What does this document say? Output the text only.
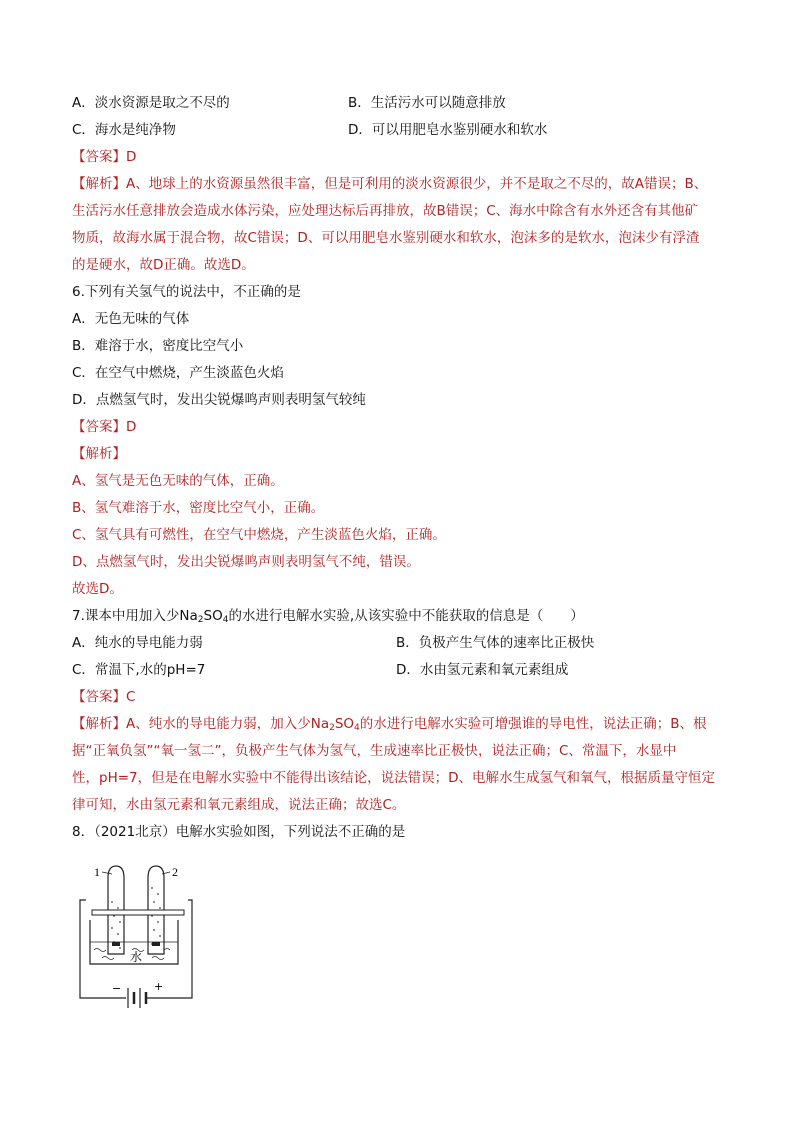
A．淡水资源是取之不尽的	B．生活污水可以随意排放
C．海水是纯净物	D．可以用肥皂水鉴别硬水和软水
【答案】D
【解析】A、地球上的水资源虽然很丰富，但是可利用的淡水资源很少，并不是取之不尽的，故A错误；B、
生活污水任意排放会造成水体污染，应处理达标后再排放，故B错误；C、海水中除含有水外还含有其他矿
物质，故海水属于混合物，故C错误；D、可以用肥皂水鉴别硬水和软水，泡沫多的是软水，泡沫少有浮渣
的是硬水，故D正确。故选D。
6.下列有关氢气的说法中，不正确的是
A．无色无味的气体
B．难溶于水，密度比空气小
C．在空气中燃烧，产生淡蓝色火焰
D．点燃氢气时，发出尖锐爆鸣声则表明氢气较纯
【答案】D
【解析】
A、氢气是无色无味的气体，正确。
B、氢气难溶于水，密度比空气小，正确。
C、氢气具有可燃性，在空气中燃烧，产生淡蓝色火焰，正确。
D、点燃氢气时，发出尖锐爆鸣声则表明氢气不纯，错误。
故选D。
7.课本中用加入少$Na_2SO_4$的水进行电解水实验,从该实验中不能获取的信息是（　　）
A．纯水的导电能力弱	B．负极产生气体的速率比正极快
C．常温下,水的pH=7	D．水由氢元素和氧元素组成
【答案】C
【解析】A、纯水的导电能力弱，加入少$Na_2SO_4$的水进行电解水实验可增强谁的导电性，说法正确；B、根
据“正氧负氢”“氧一氢二”，负极产生气体为氢气，生成速率比正极快，说法正确；C、常温下，水显中
性，pH=7，但是在电解水实验中不能得出该结论，说法错误；D、电解水生成氢气和氧气，根据质量守恒定
律可知，水由氢元素和氧元素组成，说法正确；故选C。
8．（2021北京）电解水实验如图，下列说法不正确的是
1	2
水
−	+
